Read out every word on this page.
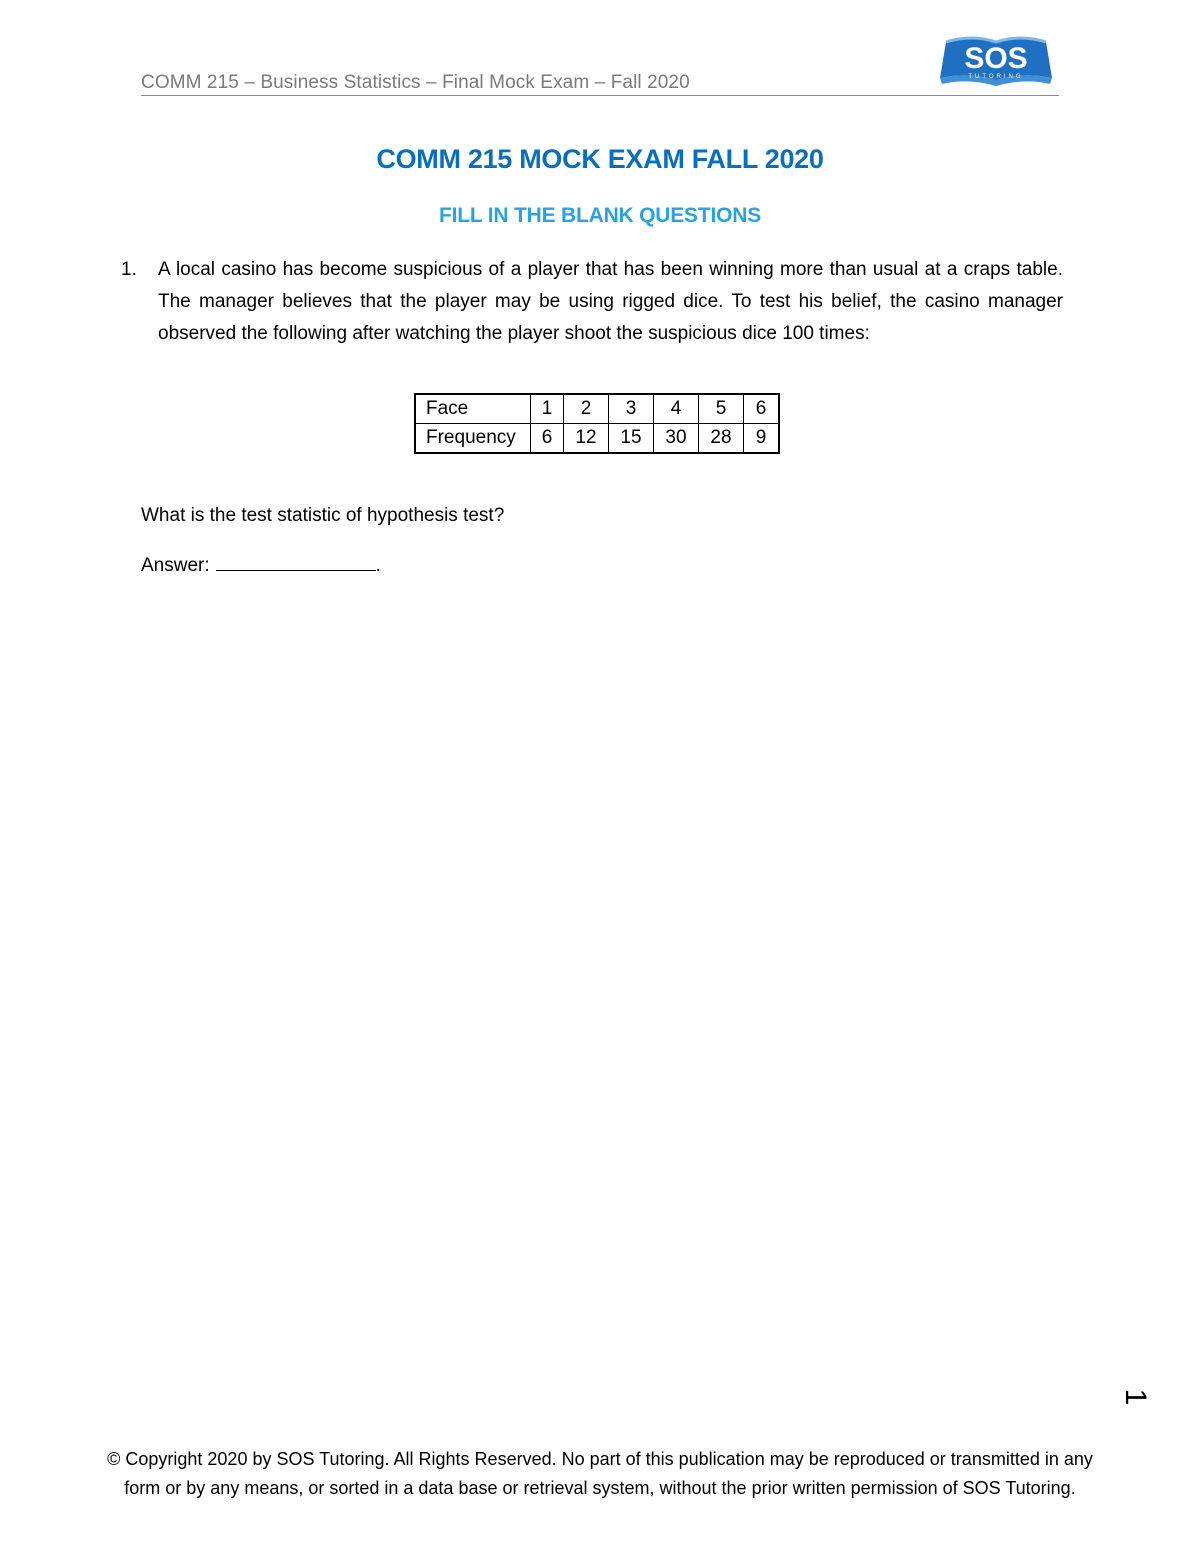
COMM 215 – Business Statistics – Final Mock Exam – Fall 2020
SOS
TUTORING
COMM 215 MOCK EXAM FALL 2020
FILL IN THE BLANK QUESTIONS
1. A local casino has become suspicious of a player that has been winning more than usual at a craps table. The manager believes that the player may be using rigged dice. To test his belief, the casino manager observed the following after watching the player shoot the suspicious dice 100 times:
Face	1	2	3	4	5	6
Frequency	6	12	15	30	28	9
What is the test statistic of hypothesis test?
Answer:	.
1
© Copyright 2020 by SOS Tutoring. All Rights Reserved. No part of this publication may be reproduced or transmitted in any
form or by any means, or sorted in a data base or retrieval system, without the prior written permission of SOS Tutoring.
